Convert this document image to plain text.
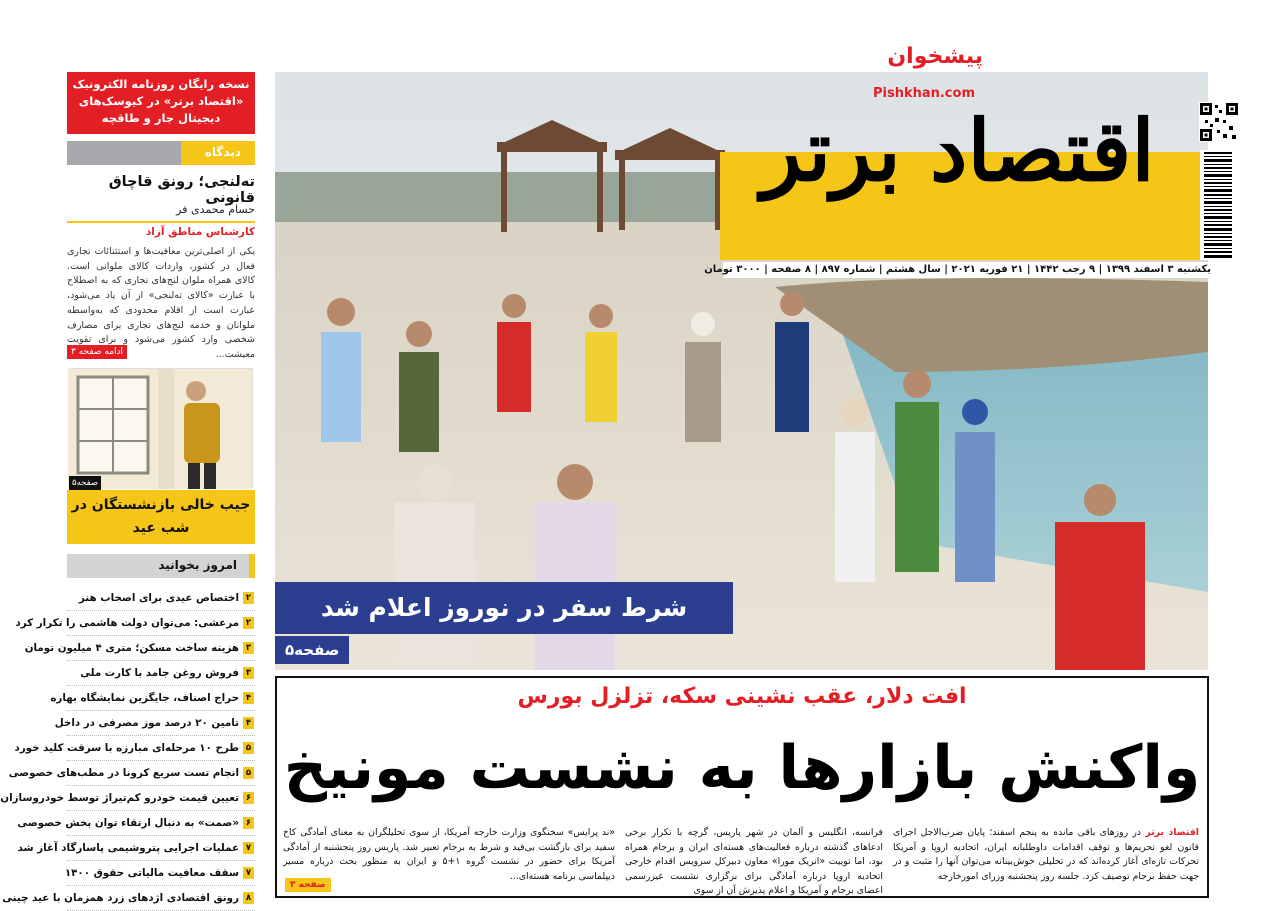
نسخه رایگان روزنامه الکترونیک «اقتصاد برتر» در کیوسک‌های دیجیتال جار و طاقچه
دیدگاه
ته‌لنجی؛ رونق قاچاق قانونی
حسام محمدی فر
کارشناس مناطق آزاد
یکی از اصلی‌ترین معافیت‌ها و استثنائات تجاری فعال در کشور، واردات کالای ملوانی است. کالای همراه ملوان لنج‌های تجاری که به اصطلاح با عبارت «کالای ته‌لنجی» از آن یاد می‌شود، عبارت است از اقلام محدودی که به‌واسطه ملوانان و خدمه لنج‌های تجاری برای مصارف شخصی وارد کشور می‌شود و برای تقویت معیشت...
ادامه صفحه ۳
صفحه۵
جیب خالی بازنشستگان در شب عید
امروز بخوانید
۲
اختصاص عیدی برای اصحاب هنر
۲
مرعشی: می‌توان دولت هاشمی را تکرار کرد
۳
هزینه ساخت مسکن؛ متری ۴ میلیون تومان
۳
فروش روغن جامد با کارت ملی
۴
حراج اصناف، جایگزین نمایشگاه بهاره
۴
تامین ۲۰ درصد موز مصرفی در داخل
۵
طرح ۱۰ مرحله‌ای مبارزه با سرقت کلید خورد
۵
انجام تست سریع کرونا در مطب‌های خصوصی
۶
تعیین قیمت خودرو کم‌تیراژ توسط خودروسازان
۶
«صمت» به دنبال ارتقاء توان بخش خصوصی
۷
عملیات اجرایی پتروشیمی پاسارگاد آغاز شد
۷
سقف معافیت مالیاتی حقوق ۱۴۰۰
۸
رونق اقتصادی اژدهای زرد همزمان با عید چینی
اقتصاد برتر
یکشنبه ۳ اسفند ۱۳۹۹ | ۹ رجب ۱۴۴۲ | ۲۱ فوریه ۲۰۲۱ | سال هشتم | شماره ۸۹۷ | ۸ صفحه | ۳۰۰۰ تومان
پیشخوان
Pishkhan.com
شرط سفر در نوروز اعلام شد
صفحه۵
افت دلار، عقب نشینی سکه، تزلزل بورس
واکنش بازارها به نشست مونیخ
اقتصاد برتر در روزهای باقی مانده به پنجم اسفند؛ پایان ضرب‌الاجل اجرای قانون لغو تحریم‌ها و توقف اقدامات داوطلبانه ایران، اتحادیه اروپا و آمریکا تحرکات تازه‌ای آغاز کرده‌اند که در تحلیلی خوش‌بینانه می‌توان آنها را مثبت و در جهت حفظ برجام توصیف کرد. جلسه روز پنجشنبه وزرای امورخارجه
فرانسه، انگلیس و آلمان در شهر پاریس، گرچه با تکرار برخی ادعاهای گذشته درباره فعالیت‌های هسته‌ای ایران و برجام همراه بود، اما توییت «انریک مورا» معاون دبیرکل سرویس اقدام خارجی اتحادیه اروپا درباره آمادگی برای برگزاری نشست غیررسمی اعضای برجام و آمریکا و اعلام پذیرش آن از سوی
«ند پرایس» سخنگوی وزارت خارجه آمریکا، از سوی تحلیلگران به معنای آمادگی کاخ سفید برای بازگشت بی‌قید و شرط به برجام تعبیر شد. پاریس روز پنجشنبه از آمادگی آمریکا برای حضور در نشست گروه ۱+۵ و ایران به منظور بحث درباره مسیر دیپلماسی برنامه هسته‌ای...
صفحه ۳
